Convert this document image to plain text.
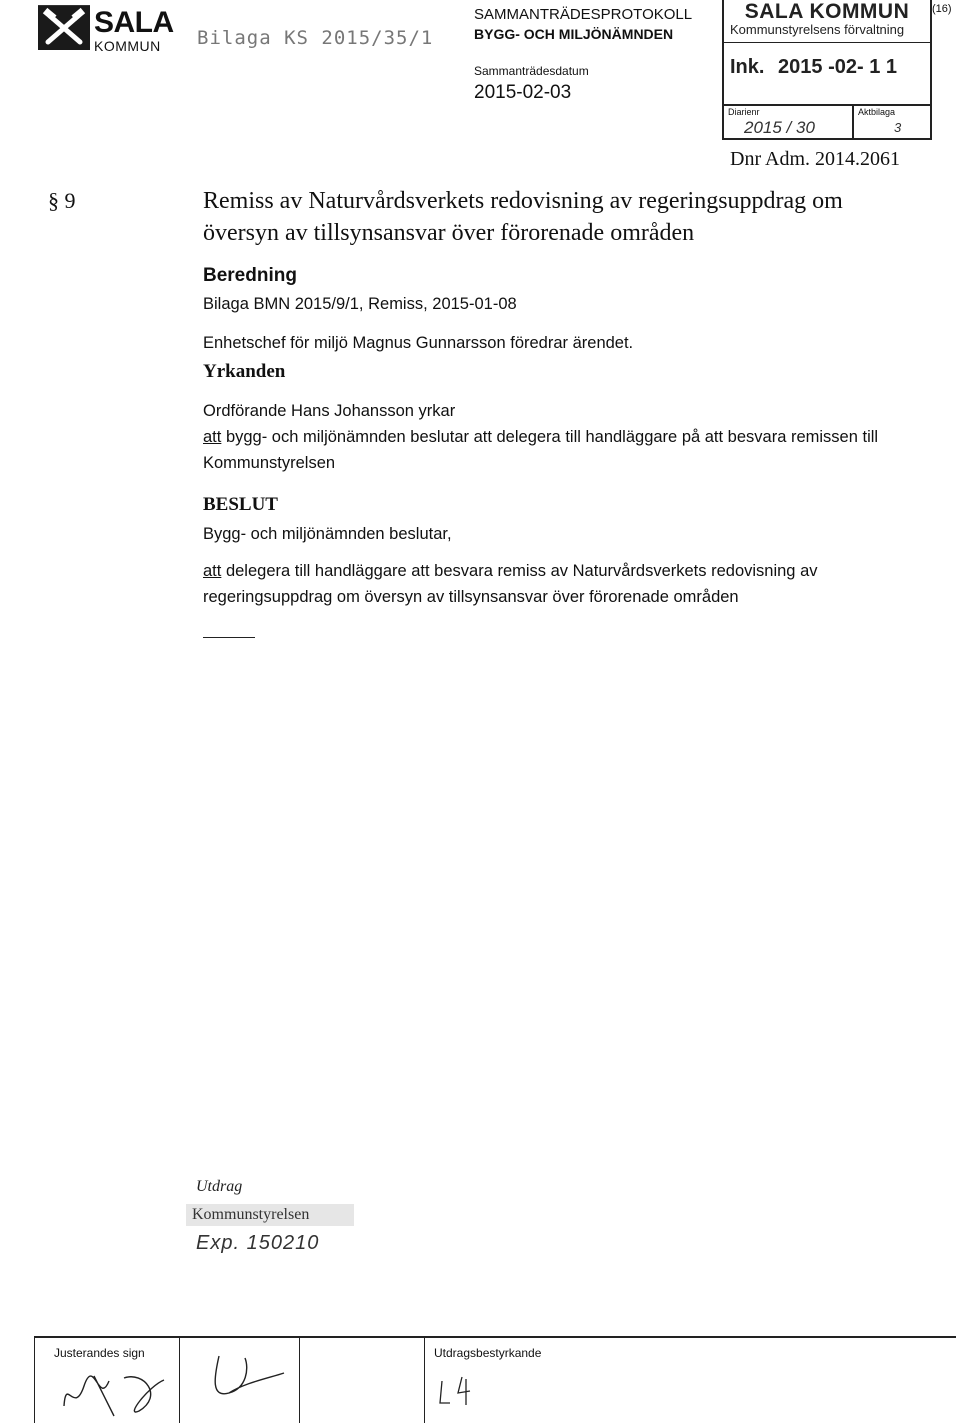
SALA
KOMMUN Bilaga KS 2015/35/1
SAMMANTRÄDESPROTOKOLL
BYGG- OCH MILJÖNÄMNDEN
Sammanträdesdatum
2015-02-03
(16)
SALA KOMMUN
Kommunstyrelsens förvaltning
Ink. 2015 -02- 1 1
Diarienr
2015 / 30
Aktbilaga
3
Dnr Adm. 2014.2061
§ 9	Remiss av Naturvårdsverkets redovisning av regeringsuppdrag om översyn av tillsynsansvar över förorenade områden
Beredning
Bilaga BMN 2015/9/1, Remiss, 2015-01-08
Enhetschef för miljö Magnus Gunnarsson föredrar ärendet.
Yrkanden
Ordförande Hans Johansson yrkar
att bygg- och miljönämnden beslutar att delegera till handläggare på att besvara remissen till Kommunstyrelsen
BESLUT
Bygg- och miljönämnden beslutar,
att delegera till handläggare att besvara remiss av Naturvårdsverkets redovisning av regeringsuppdrag om översyn av tillsynsansvar över förorenade områden
Utdrag
Kommunstyrelsen
Exp. 150210
Justerandes sign	Utdragsbestyrkande
